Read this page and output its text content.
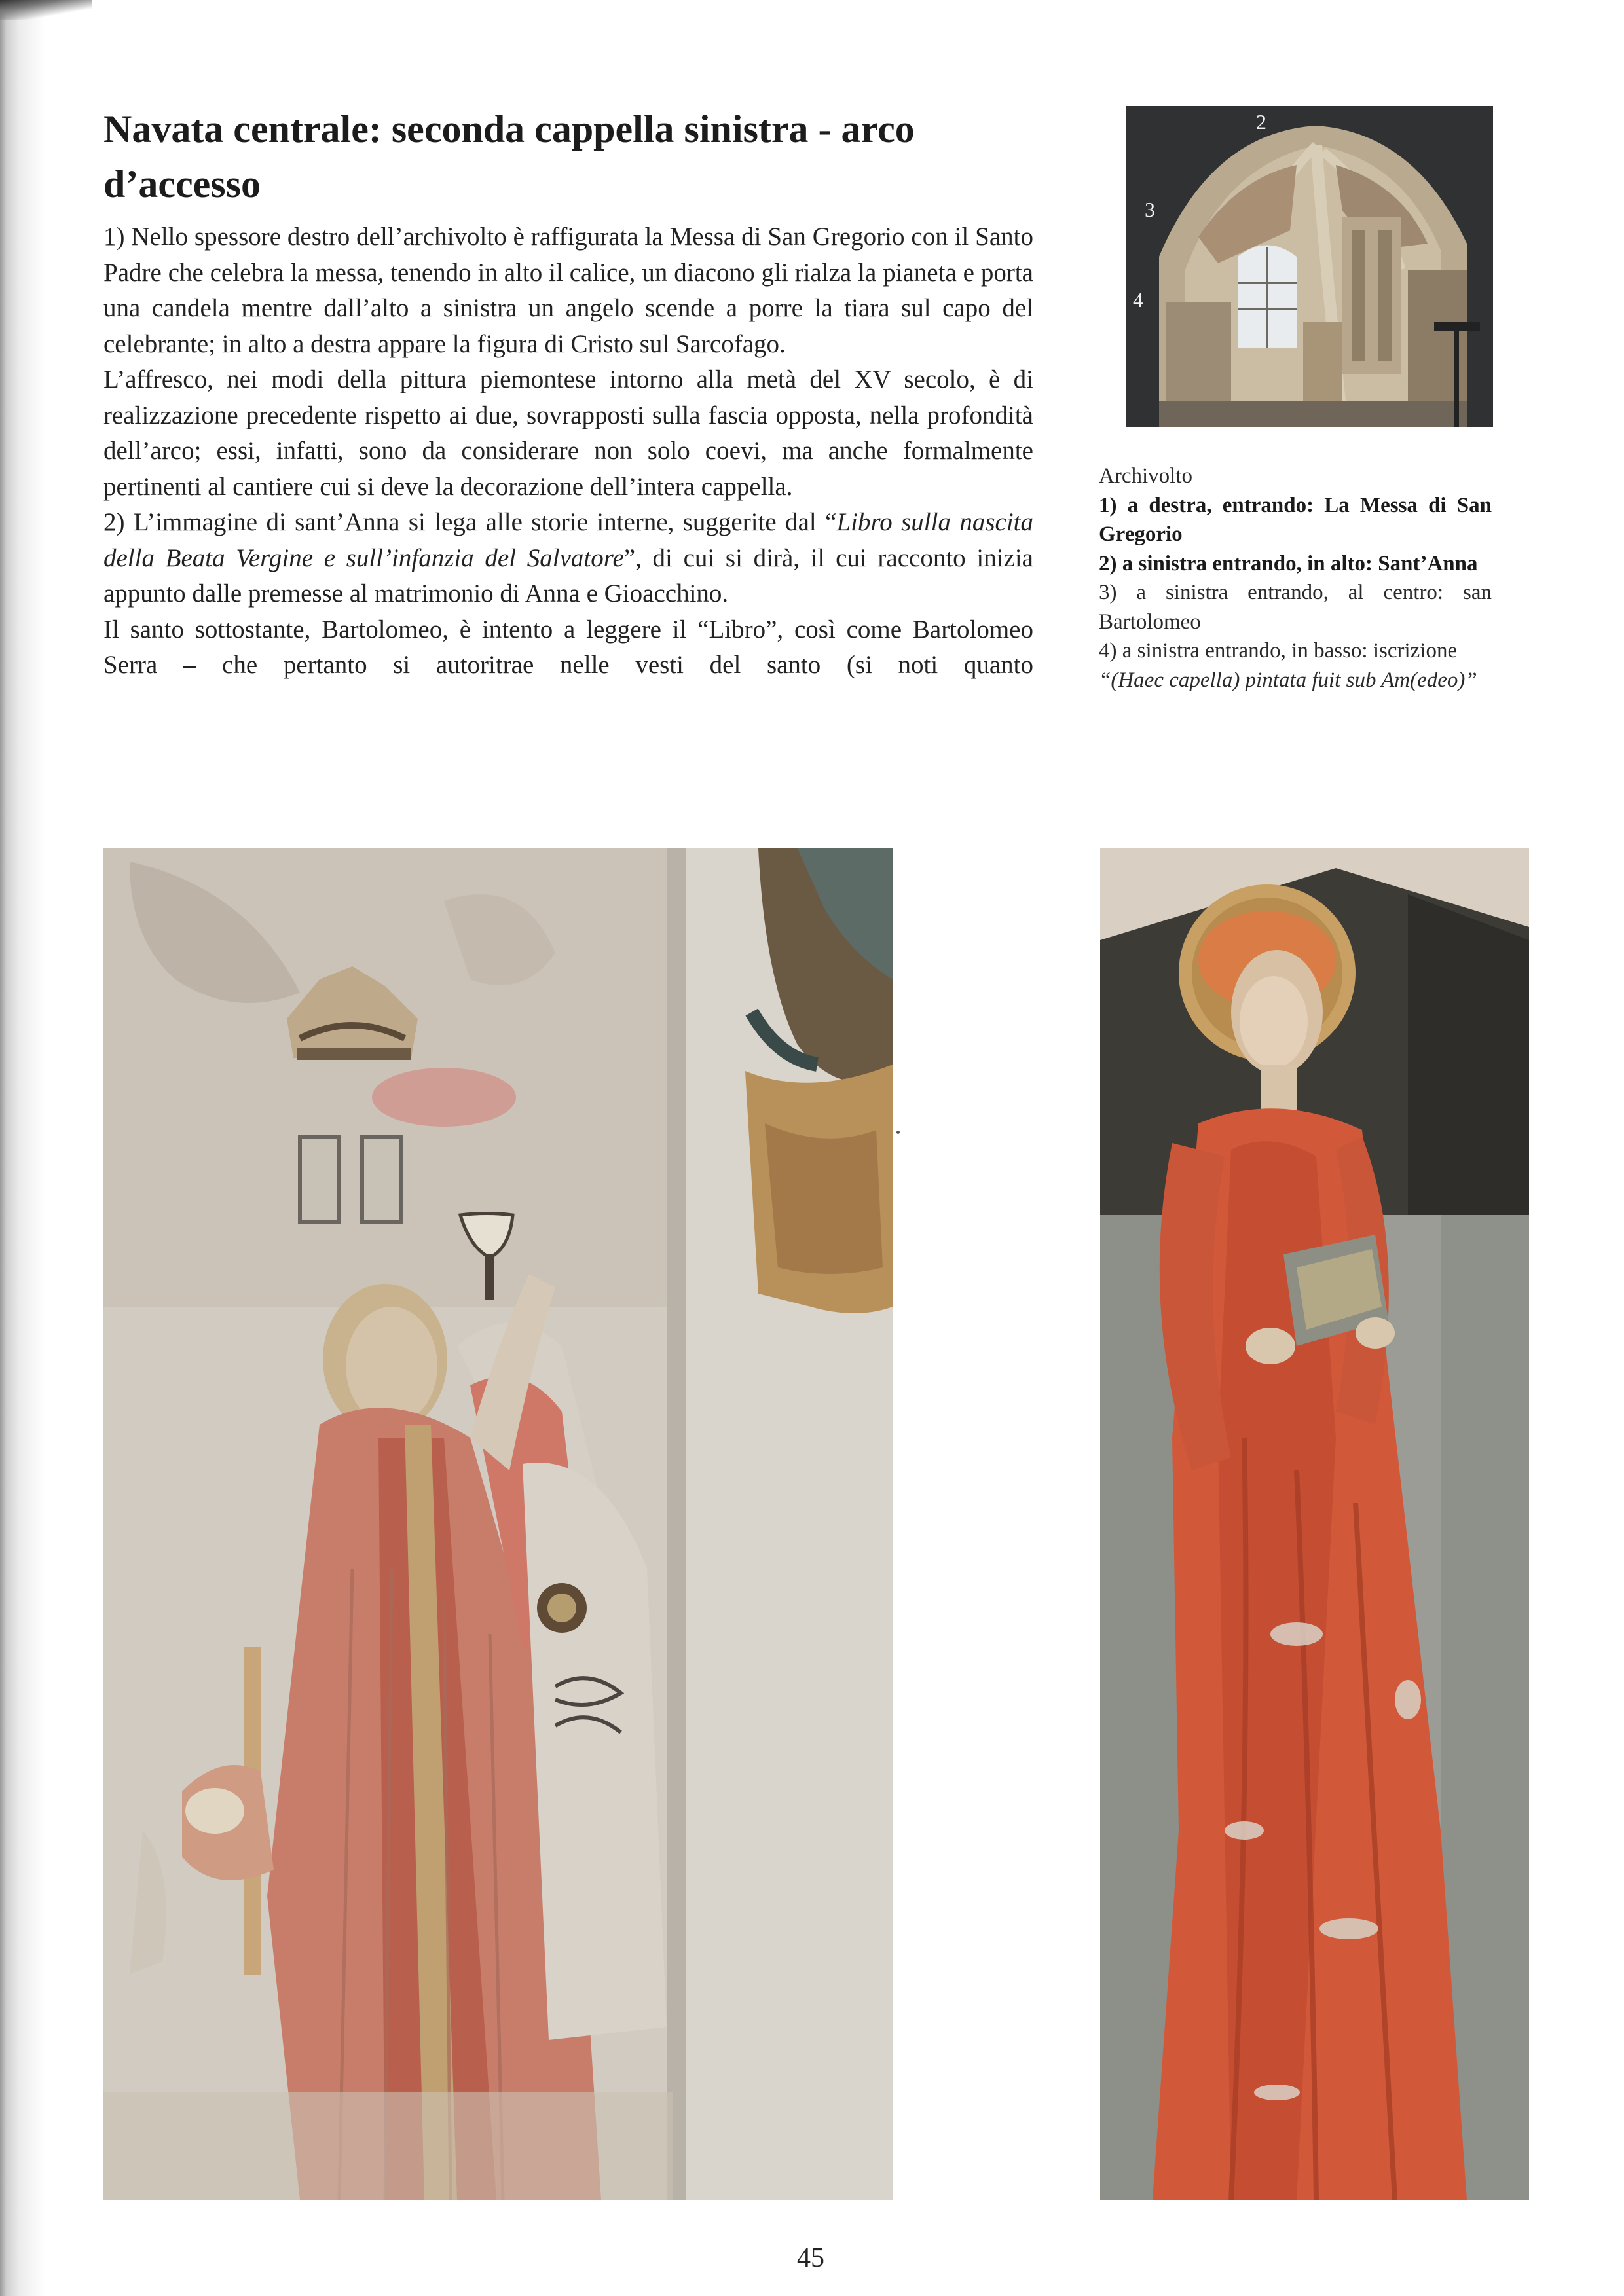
Navata centrale: seconda cappella sinistra - arco d’accesso

1) Nello spessore destro dell’archivolto è raffigurata la Messa di San Gregorio con il Santo Padre che celebra la messa, tenendo in alto il calice, un diacono gli rialza la pianeta e porta una candela mentre dall’alto a sinistra un angelo scende a porre la tiara sul capo del celebrante; in alto a destra appare la figura di Cristo sul Sarcofago.

L’affresco, nei modi della pittura piemontese intorno alla metà del XV secolo, è di realizzazione precedente rispetto ai due, sovrapposti sulla fascia opposta, nella profondità dell’arco; essi, infatti, sono da considerare non solo coevi, ma anche formalmente pertinenti al cantiere cui si deve la decorazione dell’intera cappella.

2) L’immagine di sant’Anna si lega alle storie interne, suggerite dal “Libro sulla nascita della Beata Vergine e sull’infanzia del Salvatore”, di cui si dirà, il cui racconto inizia appunto dalle premesse al matrimonio di Anna e Gioacchino.

Il santo sottostante, Bartolomeo, è intento a leggere il “Libro”, così come Bartolomeo Serra – che pertanto si autoritrae nelle vesti del santo (si noti quanto

2
3
4
Archivolto
1) a destra, entrando: La Messa di San Gregorio
2) a sinistra entrando, in alto: Sant’Anna
3) a sinistra entrando, al centro: san Bartolomeo
4) a sinistra entrando, in basso: iscrizione
“(Haec capella) pintata fuit sub Am(edeo)”
45
